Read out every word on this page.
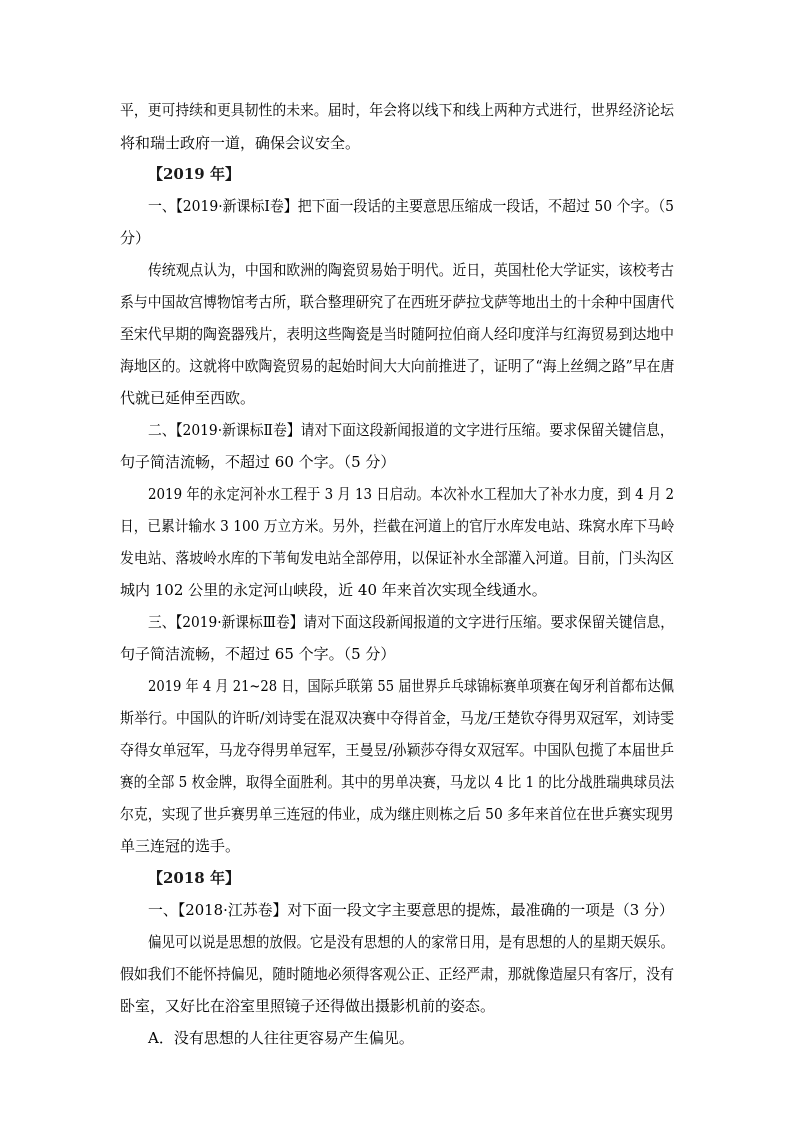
平，更可持续和更具韧性的未来。届时，年会将以线下和线上两种方式进行，世界经济论坛
将和瑞士政府一道，确保会议安全。
【2019 年】
一、【2019·新课标Ⅰ卷】把下面一段话的主要意思压缩成一段话，不超过 50 个字。（5
分）
传统观点认为，中国和欧洲的陶瓷贸易始于明代。近日，英国杜伦大学证实，该校考古
系与中国故宫博物馆考古所，联合整理研究了在西班牙萨拉戈萨等地出土的十余种中国唐代
至宋代早期的陶瓷器残片，表明这些陶瓷是当时随阿拉伯商人经印度洋与红海贸易到达地中
海地区的。这就将中欧陶瓷贸易的起始时间大大向前推进了，证明了“海上丝绸之路”早在唐
代就已延伸至西欧。
二、【2019·新课标Ⅱ卷】请对下面这段新闻报道的文字进行压缩。要求保留关键信息，
句子简洁流畅，不超过 60 个字。（5 分）
2019 年的永定河补水工程于 3 月 13 日启动。本次补水工程加大了补水力度，到 4 月 2
日，已累计输水 3 100 万立方米。另外，拦截在河道上的官厅水库发电站、珠窝水库下马岭
发电站、落坡岭水库的下苇甸发电站全部停用，以保证补水全部灌入河道。目前，门头沟区
城内 102 公里的永定河山峡段，近 40 年来首次实现全线通水。
三、【2019·新课标Ⅲ卷】请对下面这段新闻报道的文字进行压缩。要求保留关键信息，
句子简洁流畅，不超过 65 个字。（5 分）
2019 年 4 月 21~28 日，国际乒联第 55 届世界乒乓球锦标赛单项赛在匈牙利首都布达佩
斯举行。中国队的许昕/刘诗雯在混双决赛中夺得首金，马龙/王楚钦夺得男双冠军，刘诗雯
夺得女单冠军，马龙夺得男单冠军，王曼昱/孙颖莎夺得女双冠军。中国队包揽了本届世乒
赛的全部 5 枚金牌，取得全面胜利。其中的男单决赛，马龙以 4 比 1 的比分战胜瑞典球员法
尔克，实现了世乒赛男单三连冠的伟业，成为继庄则栋之后 50 多年来首位在世乒赛实现男
单三连冠的选手。
【2018 年】
一、【2018·江苏卷】对下面一段文字主要意思的提炼，最准确的一项是（3 分）
偏见可以说是思想的放假。它是没有思想的人的家常日用，是有思想的人的星期天娱乐。
假如我们不能怀持偏见，随时随地必须得客观公正、正经严肃，那就像造屋只有客厅，没有
卧室，又好比在浴室里照镜子还得做出摄影机前的姿态。
A．没有思想的人往往更容易产生偏见。
